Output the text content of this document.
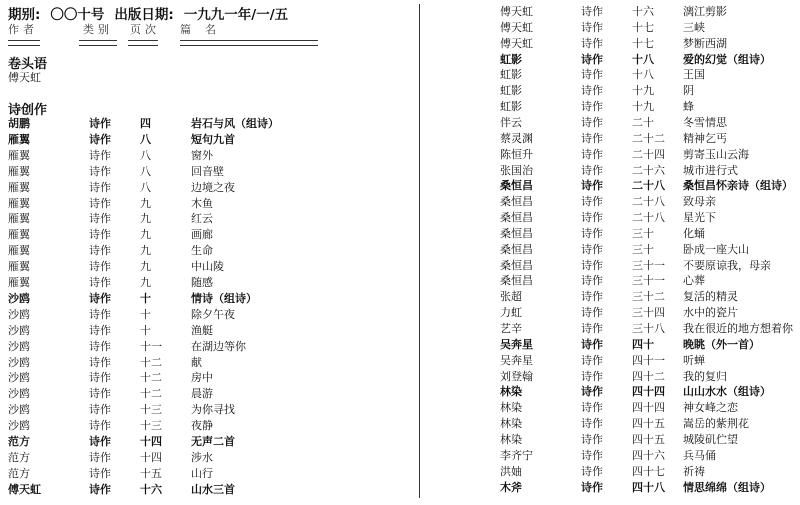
期别: 〇〇十号 出版日期: 一九九一年/一/五
作者	类别 页次 篇名
卷头语
傅天虹
诗创作
胡鹏	诗作	四	岩石与风（组诗）
雁翼	诗作	八	短句九首
雁翼	诗作	八	窗外
雁翼	诗作	八	回音壁
雁翼	诗作	八	边境之夜
雁翼	诗作	九	木鱼
雁翼	诗作	九	红云
雁翼	诗作	九	画廊
雁翼	诗作	九	生命
雁翼	诗作	九	中山陵
雁翼	诗作	九	随感
沙鸥	诗作	十	情诗（组诗）
沙鸥	诗作	十	除夕午夜
沙鸥	诗作	十	渔艇
沙鸥	诗作	十一	在湖边等你
沙鸥	诗作	十二	献
沙鸥	诗作	十二	房中
沙鸥	诗作	十二	晨游
沙鸥	诗作	十三	为你寻找
沙鸥	诗作	十三	夜静
范方	诗作	十四	无声二首
范方	诗作	十四	涉水
范方	诗作	十五	山行
傅天虹	诗作	十六	山水三首
傅天虹	诗作	十六	漓江剪影
傅天虹	诗作	十七	三峡
傅天虹	诗作	十七	梦断西湖
虹影	诗作	十八	爱的幻觉（组诗）
虹影	诗作	十八	王国
虹影	诗作	十九	阴
虹影	诗作	十九	蜂
伴云	诗作	二十	冬雪情思
蔡灵渊	诗作	二十二 精神乞丐
陈恒升	诗作	二十四 剪寄玉山云海
张国治	诗作	二十六 城市进行式
桑恒昌	诗作	二十八 桑恒昌怀亲诗（组诗）
桑恒昌	诗作	二十八 致母亲
桑恒昌	诗作	二十八 星光下
桑恒昌	诗作	三十	化蛹
桑恒昌	诗作	三十	卧成一座大山
桑恒昌	诗作	三十一 不要原谅我，母亲
桑恒昌	诗作	三十一 心葬
张超	诗作	三十二 复活的精灵
力虹	诗作	三十四 水中的瓷片
艺辛	诗作	三十八 我在很近的地方想着你
吴奔星	诗作	四十	晚眺（外一首）
吴奔星	诗作	四十一 听蝉
刘登翰	诗作	四十二 我的复归
林染	诗作	四十四 山山水水（组诗）
林染	诗作	四十四 神女峰之恋
林染	诗作	四十五 嵩岳的紫荆花
林染	诗作	四十五 城陵矶伫望
李齐宁	诗作	四十六 兵马俑
洪妯	诗作	四十七 祈祷
木斧	诗作	四十八 情思绵绵（组诗）
